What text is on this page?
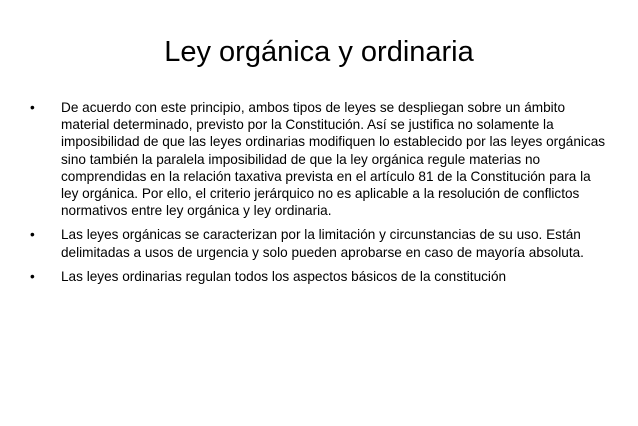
Ley orgánica y ordinaria
• De acuerdo con este principio, ambos tipos de leyes se despliegan sobre un ámbito material determinado, previsto por la Constitución. Así se justifica no solamente la imposibilidad de que las leyes ordinarias modifiquen lo establecido por las leyes orgánicas sino también la paralela imposibilidad de que la ley orgánica regule materias no comprendidas en la relación taxativa prevista en el artículo 81 de la Constitución para la ley orgánica. Por ello, el criterio jerárquico no es aplicable a la resolución de conflictos normativos entre ley orgánica y ley ordinaria.
• Las leyes orgánicas se caracterizan por la limitación y circunstancias de su uso. Están delimitadas a usos de urgencia y solo pueden aprobarse en caso de mayoría absoluta.
• Las leyes ordinarias regulan todos los aspectos básicos de la constitución
